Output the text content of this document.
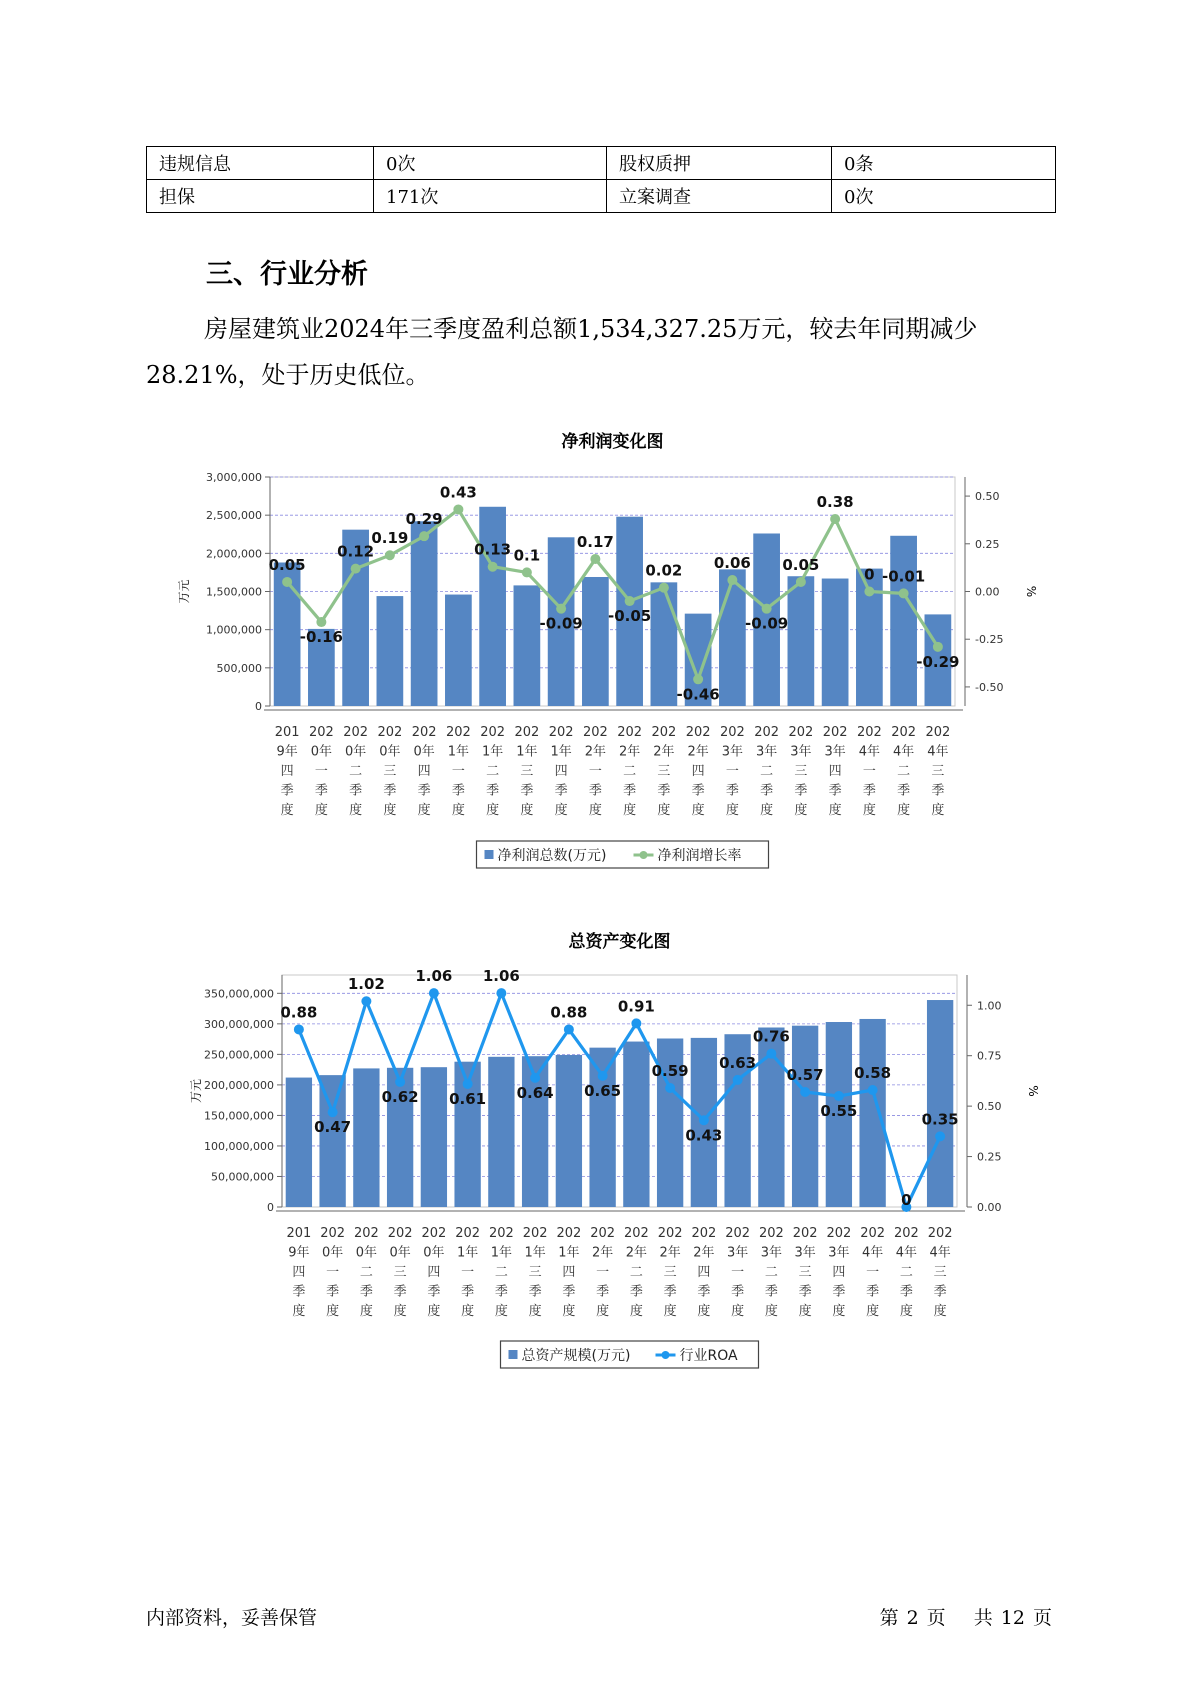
违规信息	0次	股权质押	0条
担保	171次	立案调查	0次
三、行业分析

房屋建筑业2024年三季度盈利总额1,534,327.25万元，较去年同期减少28.21%，处于历史低位。

净利润变化图
0
500,000
1,000,000
1,500,000
2,000,000
2,500,000
3,000,000
万元
-0.50
-0.25
0.00
0.25
0.50
%
0.05
-0.16
0.12
0.19
0.29
0.43
0.13 0.1
-0.09
0.17
-0.05
0.02
-0.46
0.06
-0.09
0.05
0.38
0 -0.01
-0.29
201
9年
四
季
度
202
0年
一
季
度
202
0年
二
季
度
202
0年
三
季
度
202
0年
四
季
度
202
1年
一
季
度
202
1年
二
季
度
202
1年
三
季
度
202
1年
四
季
度
202
2年
一
季
度
202
2年
二
季
度
202
2年
三
季
度
202
2年
四
季
度
202
3年
一
季
度
202
3年
二
季
度
202
3年
三
季
度
202
3年
四
季
度
202
4年
一
季
度
202
4年
二
季
度
202
4年
三
季
度
净利润总数(万元)	净利润增长率
总资产变化图
0
50,000,000
100,000,000
150,000,000
200,000,000
250,000,000
300,000,000
350,000,000
万元
0.00
0.25
0.50
0.75
1.00
%
0.88
0.47
1.02
0.62
1.06
0.61
1.06
0.64
0.88
0.65
0.91
0.59
0.43
0.63
0.76
0.57
0.55
0.58
0
0.35
201
9年
四
季
度
202
0年
一
季
度
202
0年
二
季
度
202
0年
三
季
度
202
0年
四
季
度
202
1年
一
季
度
202
1年
二
季
度
202
1年
三
季
度
202
1年
四
季
度
202
2年
一
季
度
202
2年
二
季
度
202
2年
三
季
度
202
2年
四
季
度
202
3年
一
季
度
202
3年
二
季
度
202
3年
三
季
度
202
3年
四
季
度
202
4年
一
季
度
202
4年
二
季
度
202
4年
三
季
度
总资产规模(万元)	行业ROA
内部资料，妥善保管	第 2 页 共 12 页
